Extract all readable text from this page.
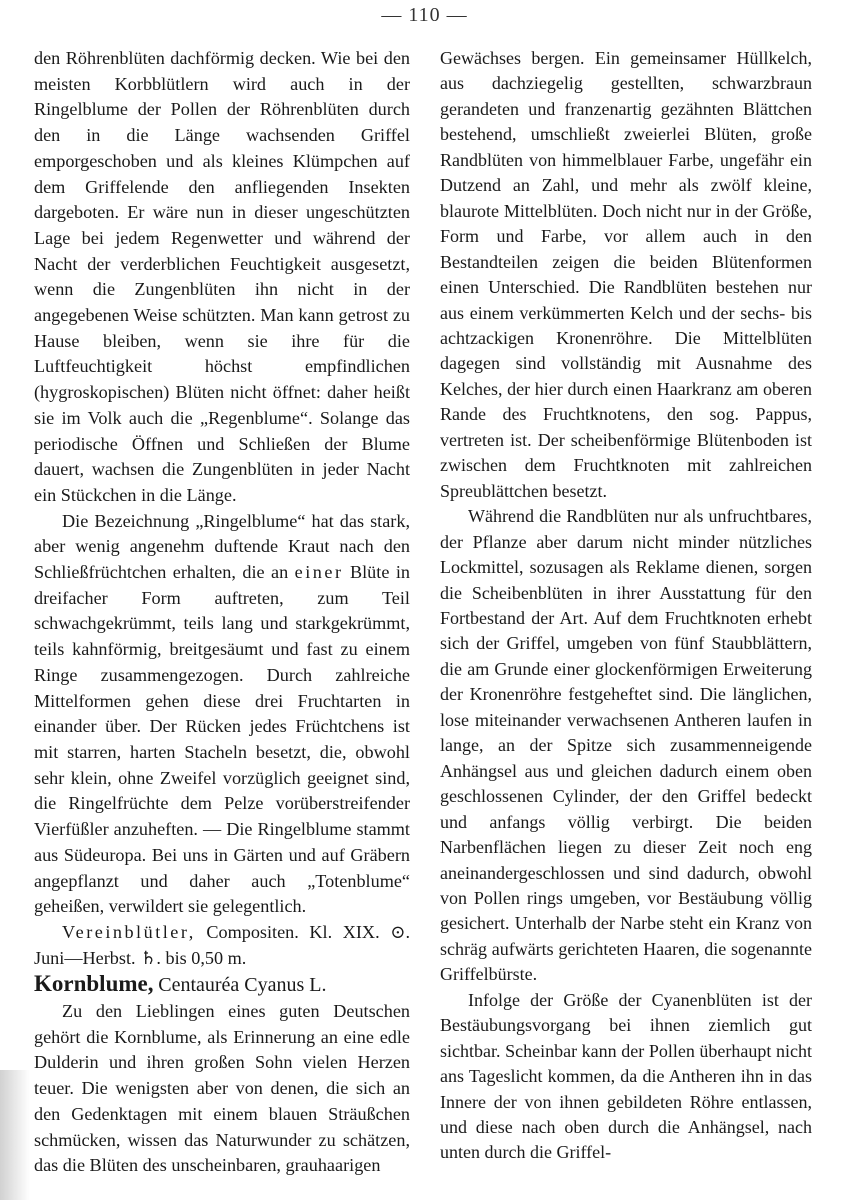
— 110 —

den Röhrenblüten dachförmig decken. Wie bei den meisten Korbblütlern wird auch in der Ringelblume der Pollen der Röhrenblüten durch den in die Länge wachsenden Griffel emporgeschoben und als kleines Klümpchen auf dem Griffelende den anfliegenden Insekten dargeboten. Er wäre nun in dieser ungeschützten Lage bei jedem Regenwetter und während der Nacht der verderblichen Feuchtigkeit ausgesetzt, wenn die Zungenblüten ihn nicht in der angegebenen Weise schützten. Man kann getrost zu Hause bleiben, wenn sie ihre für die Luftfeuchtigkeit höchst empfindlichen (hygroskopischen) Blüten nicht öffnet: daher heißt sie im Volk auch die „Regenblume“. Solange das periodische Öffnen und Schließen der Blume dauert, wachsen die Zungenblüten in jeder Nacht ein Stückchen in die Länge.

Die Bezeichnung „Ringelblume“ hat das stark, aber wenig angenehm duftende Kraut nach den Schließfrüchtchen erhalten, die an einer Blüte in dreifacher Form auftreten, zum Teil schwachgekrümmt, teils lang und starkgekrümmt, teils kahnförmig, breitgesäumt und fast zu einem Ringe zusammengezogen. Durch zahlreiche Mittelformen gehen diese drei Fruchtarten in einander über. Der Rücken jedes Früchtchens ist mit starren, harten Stacheln besetzt, die, obwohl sehr klein, ohne Zweifel vorzüglich geeignet sind, die Ringelfrüchte dem Pelze vorüberstreifender Vierfüßler anzuheften. — Die Ringelblume stammt aus Südeuropa. Bei uns in Gärten und auf Gräbern angepflanzt und daher auch „Totenblume“ geheißen, verwildert sie gelegentlich.

Vereinblütler, Compositen. Kl. XIX. ⊙. Juni—Herbst. ♄. bis 0,50 m.

Kornblume, Centauréa Cyanus L.

Zu den Lieblingen eines guten Deutschen gehört die Kornblume, als Erinnerung an eine edle Dulderin und ihren großen Sohn vielen Herzen teuer. Die wenigsten aber von denen, die sich an den Gedenktagen mit einem blauen Sträußchen schmücken, wissen das Naturwunder zu schätzen, das die Blüten des unscheinbaren, grauhaarigen

Gewächses bergen. Ein gemeinsamer Hüllkelch, aus dachziegelig gestellten, schwarzbraun gerandeten und franzenartig gezähnten Blättchen bestehend, umschließt zweierlei Blüten, große Randblüten von himmelblauer Farbe, ungefähr ein Dutzend an Zahl, und mehr als zwölf kleine, blaurote Mittelblüten. Doch nicht nur in der Größe, Form und Farbe, vor allem auch in den Bestandteilen zeigen die beiden Blütenformen einen Unterschied. Die Randblüten bestehen nur aus einem verkümmerten Kelch und der sechs- bis achtzackigen Kronenröhre. Die Mittelblüten dagegen sind vollständig mit Ausnahme des Kelches, der hier durch einen Haarkranz am oberen Rande des Fruchtknotens, den sog. Pappus, vertreten ist. Der scheibenförmige Blütenboden ist zwischen dem Fruchtknoten mit zahlreichen Spreublättchen besetzt.

Während die Randblüten nur als unfruchtbares, der Pflanze aber darum nicht minder nützliches Lockmittel, sozusagen als Reklame dienen, sorgen die Scheibenblüten in ihrer Ausstattung für den Fortbestand der Art. Auf dem Fruchtknoten erhebt sich der Griffel, umgeben von fünf Staubblättern, die am Grunde einer glockenförmigen Erweiterung der Kronenröhre festgeheftet sind. Die länglichen, lose miteinander verwachsenen Antheren laufen in lange, an der Spitze sich zusammenneigende Anhängsel aus und gleichen dadurch einem oben geschlossenen Cylinder, der den Griffel bedeckt und anfangs völlig verbirgt. Die beiden Narbenflächen liegen zu dieser Zeit noch eng aneinandergeschlossen und sind dadurch, obwohl von Pollen rings umgeben, vor Bestäubung völlig gesichert. Unterhalb der Narbe steht ein Kranz von schräg aufwärts gerichteten Haaren, die sogenannte Griffelbürste.

Infolge der Größe der Cyanenblüten ist der Bestäubungsvorgang bei ihnen ziemlich gut sichtbar. Scheinbar kann der Pollen überhaupt nicht ans Tageslicht kommen, da die Antheren ihn in das Innere der von ihnen gebildeten Röhre entlassen, und diese nach oben durch die Anhängsel, nach unten durch die Griffel-
